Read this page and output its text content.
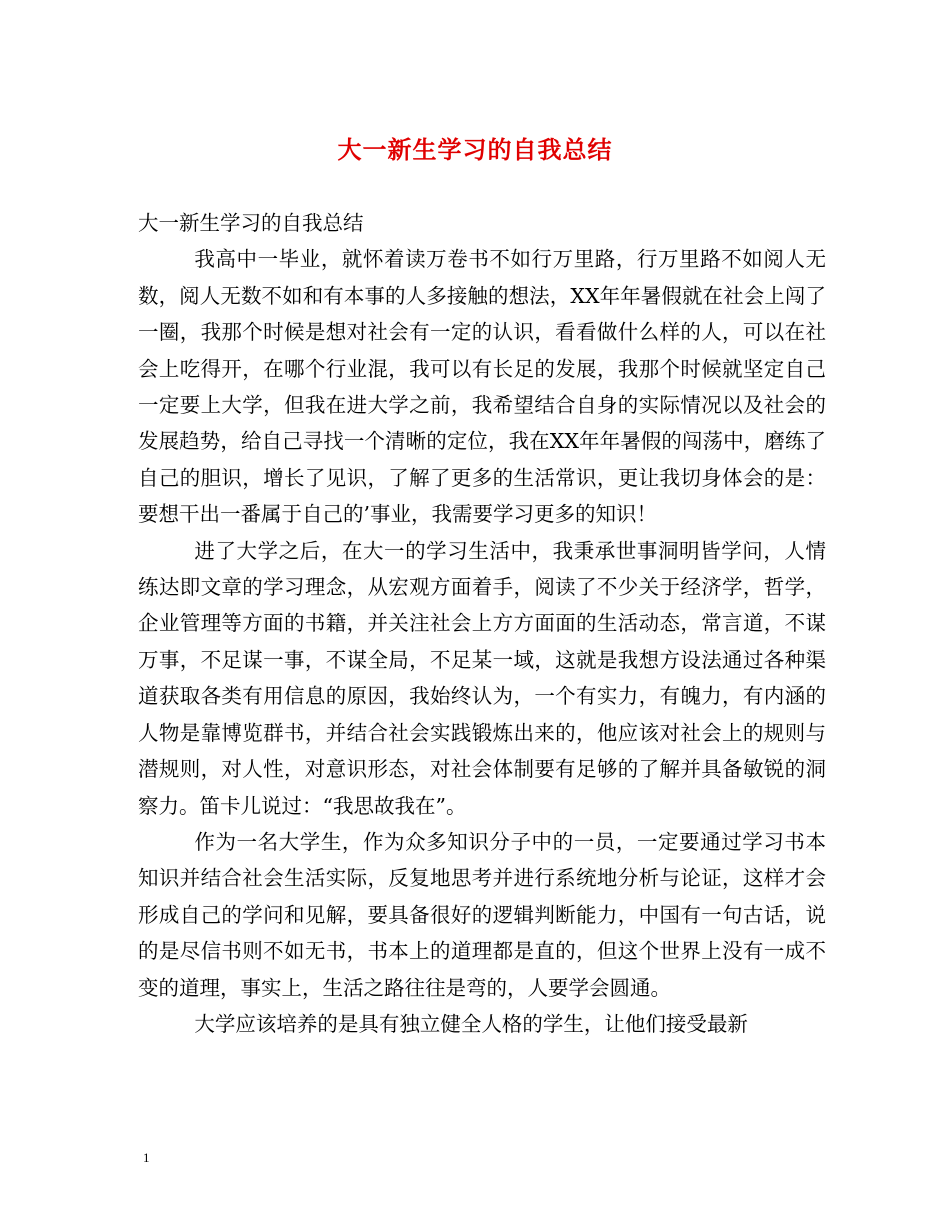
大一新生学习的自我总结

大一新生学习的自我总结

我高中一毕业，就怀着读万卷书不如行万里路，行万里路不如阅人无数，阅人无数不如和有本事的人多接触的想法，XX年年暑假就在社会上闯了一圈，我那个时候是想对社会有一定的认识，看看做什么样的人，可以在社会上吃得开，在哪个行业混，我可以有长足的发展，我那个时候就坚定自己一定要上大学，但我在进大学之前，我希望结合自身的实际情况以及社会的发展趋势，给自己寻找一个清晰的定位，我在XX年年暑假的闯荡中，磨练了自己的胆识，增长了见识，了解了更多的生活常识，更让我切身体会的是：要想干出一番属于自己的’事业，我需要学习更多的知识！

进了大学之后，在大一的学习生活中，我秉承世事洞明皆学问，人情练达即文章的学习理念，从宏观方面着手，阅读了不少关于经济学，哲学，企业管理等方面的书籍，并关注社会上方方面面的生活动态，常言道，不谋万事，不足谋一事，不谋全局，不足某一域，这就是我想方设法通过各种渠道获取各类有用信息的原因，我始终认为，一个有实力，有魄力，有内涵的人物是靠博览群书，并结合社会实践锻炼出来的，他应该对社会上的规则与潜规则，对人性，对意识形态，对社会体制要有足够的了解并具备敏锐的洞察力。笛卡儿说过：“我思故我在”。

作为一名大学生，作为众多知识分子中的一员，一定要通过学习书本知识并结合社会生活实际，反复地思考并进行系统地分析与论证，这样才会形成自己的学问和见解，要具备很好的逻辑判断能力，中国有一句古话，说的是尽信书则不如无书，书本上的道理都是直的，但这个世界上没有一成不变的道理，事实上，生活之路往往是弯的，人要学会圆通。

大学应该培养的是具有独立健全人格的学生，让他们接受最新

1
